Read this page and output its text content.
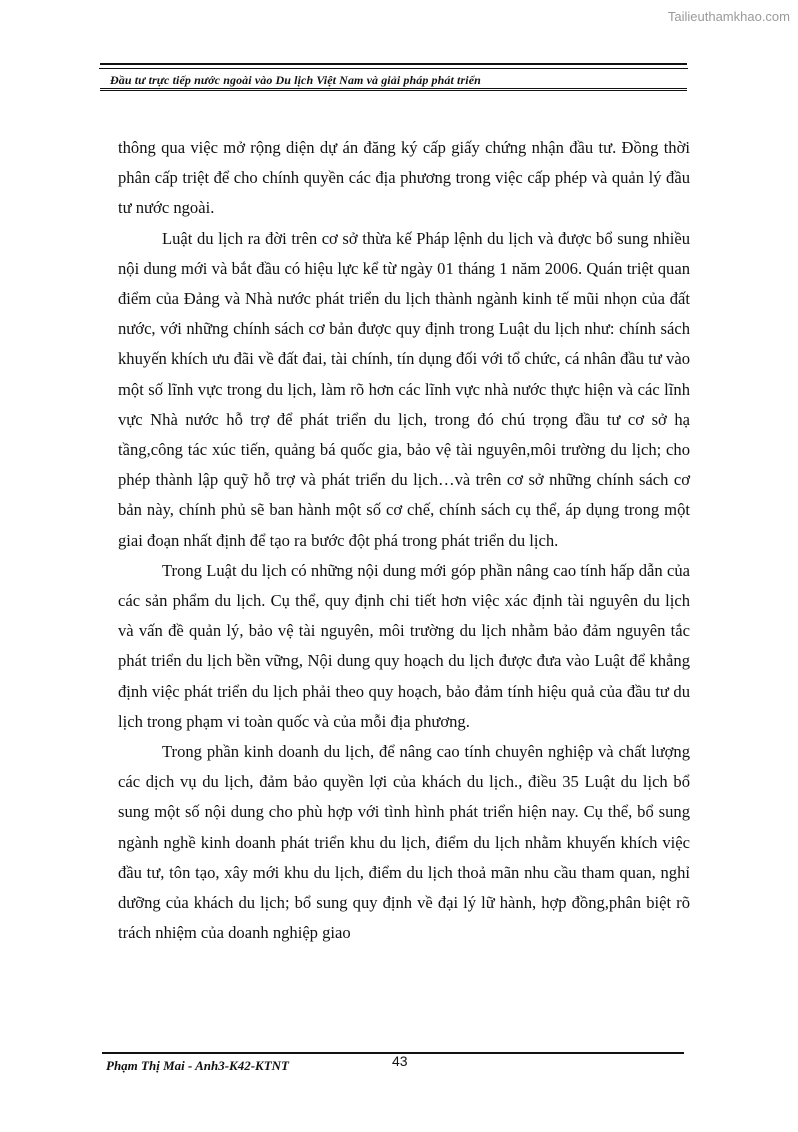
Tailieuthamkhao.com
Đầu tư trực tiếp nước ngoài vào Du lịch Việt Nam và giải pháp phát triển

thông qua việc mở rộng diện dự án đăng ký cấp giấy chứng nhận đầu tư. Đồng thời phân cấp triệt để cho chính quyền các địa phương trong việc cấp phép và quản lý đầu tư nước ngoài.

Luật du lịch ra đời trên cơ sở thừa kế Pháp lệnh du lịch và được bổ sung nhiều nội dung mới và bắt đầu có hiệu lực kể từ ngày 01 tháng 1 năm 2006. Quán triệt quan điểm của Đảng và Nhà nước phát triển du lịch thành ngành kinh tế mũi nhọn của đất nước, với những chính sách cơ bản được quy định trong Luật du lịch như: chính sách khuyến khích ưu đãi về đất đai, tài chính, tín dụng đối với tổ chức, cá nhân đầu tư vào một số lĩnh vực trong du lịch, làm rõ hơn các lĩnh vực nhà nước thực hiện và các lĩnh vực Nhà nước hỗ trợ để phát triển du lịch, trong đó chú trọng đầu tư cơ sở hạ tầng,công tác xúc tiến, quảng bá quốc gia, bảo vệ tài nguyên,môi trường du lịch; cho phép thành lập quỹ hỗ trợ và phát triển du lịch…và trên cơ sở những chính sách cơ bản này, chính phủ sẽ ban hành một số cơ chế, chính sách cụ thể, áp dụng trong một giai đoạn nhất định để tạo ra bước đột phá trong phát triển du lịch.

Trong Luật du lịch có những nội dung mới góp phần nâng cao tính hấp dẫn của các sản phẩm du lịch. Cụ thể, quy định chi tiết hơn việc xác định tài nguyên du lịch và vấn đề quản lý, bảo vệ tài nguyên, môi trường du lịch nhằm bảo đảm nguyên tắc phát triển du lịch bền vững, Nội dung quy hoạch du lịch được đưa vào Luật để khẳng định việc phát triển du lịch phải theo quy hoạch, bảo đảm tính hiệu quả của đầu tư du lịch trong phạm vi toàn quốc và của mỗi địa phương.

Trong phần kinh doanh du lịch, để nâng cao tính chuyên nghiệp và chất lượng các dịch vụ du lịch, đảm bảo quyền lợi của khách du lịch., điều 35 Luật du lịch bổ sung một số nội dung cho phù hợp với tình hình phát triển hiện nay. Cụ thể, bổ sung ngành nghề kinh doanh phát triển khu du lịch, điểm du lịch nhằm khuyến khích việc đầu tư, tôn tạo, xây mới khu du lịch, điểm du lịch thoả mãn nhu cầu tham quan, nghỉ dưỡng của khách du lịch; bổ sung quy định về đại lý lữ hành, hợp đồng,phân biệt rõ trách nhiệm của doanh nghiệp giao

Phạm Thị Mai - Anh3-K42-KTNT	43
